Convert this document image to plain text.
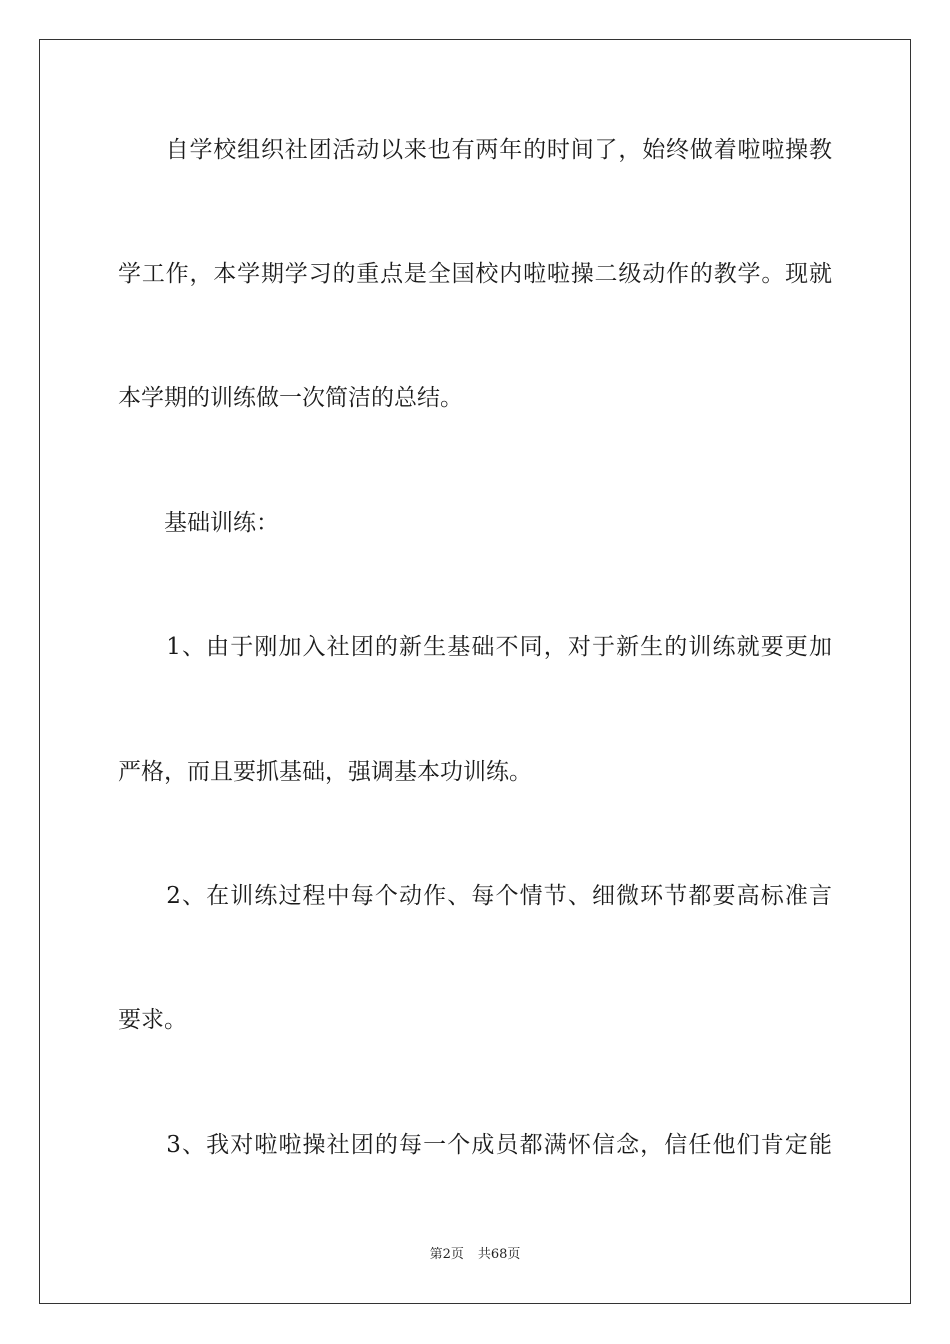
　　自学校组织社团活动以来也有两年的时间了，始终做着啦啦操教
学工作，本学期学习的重点是全国校内啦啦操二级动作的教学。现就
本学期的训练做一次简洁的总结。
　　基础训练：
　　1、由于刚加入社团的新生基础不同，对于新生的训练就要更加
严格，而且要抓基础，强调基本功训练。
　　2、在训练过程中每个动作、每个情节、细微环节都要高标准言
要求。
　　3、我对啦啦操社团的每一个成员都满怀信念，信任他们肯定能
第2页 共68页
